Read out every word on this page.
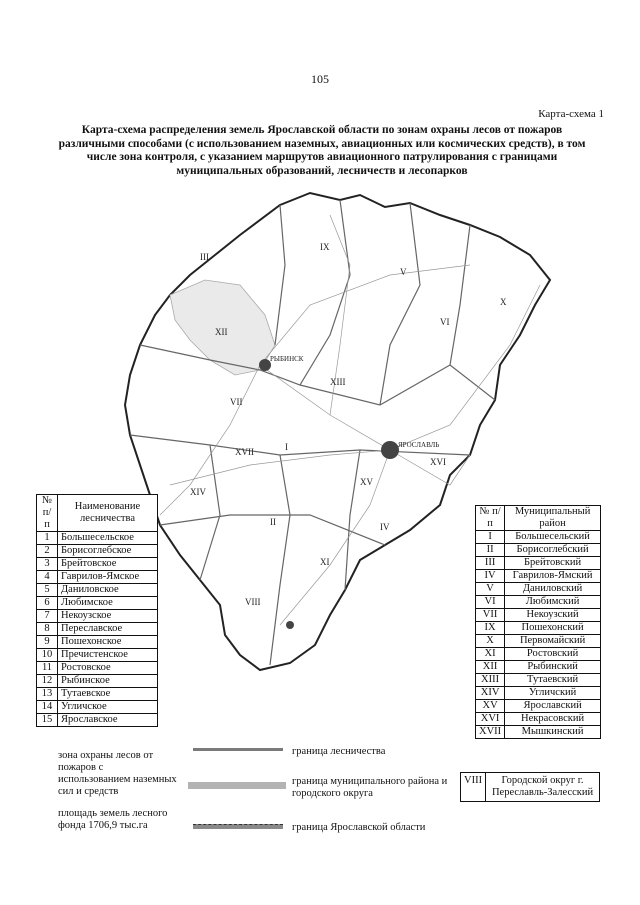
105
Карта-схема 1
Карта-схема распределения земель Ярославской области по зонам охраны лесов от пожаров различными способами (с использованием наземных, авиационных или космических средств), в том числе зона контроля, с указанием маршрутов авиационного патрулирования с границами муниципальных образований, лесничеств и лесопарков
IX
V
VI
III
VII
I
XIII
XVI
XV
XIV
II
XI
VIII
IV
X
XII
XVII
ЯРОСЛАВЛЬ
РЫБИНСК
№ п/п	Наименование лесничества
1	Большесельское
2	Борисоглебское
3	Брейтовское
4	Гаврилов-Ямское
5	Даниловское
6	Любимское
7	Некоузское
8	Переславское
9	Пошехонское
10	Пречистенское
11	Ростовское
12	Рыбинское
13	Тутаевское
14	Угличское
15	Ярославское
№ п/п	Муниципальный район
I	Большесельский
II	Борисоглебский
III	Брейтовский
IV	Гаврилов-Ямский
V	Даниловский
VI	Любимский
VII	Некоузский
IX	Пошехонский
X	Первомайский
XI	Ростовский
XII	Рыбинский
XIII	Тутаевский
XIV	Угличский
XV	Ярославский
XVI	Некрасовский
XVII	Мышкинский
VIII	Городской округ г. Переславль-Залесский
зона охраны лесов от пожаров с использованием наземных сил и средств
площадь земель лесного фонда 1706,9 тыс.га
граница лесничества
граница муниципального района и городского округа
граница Ярославской области
